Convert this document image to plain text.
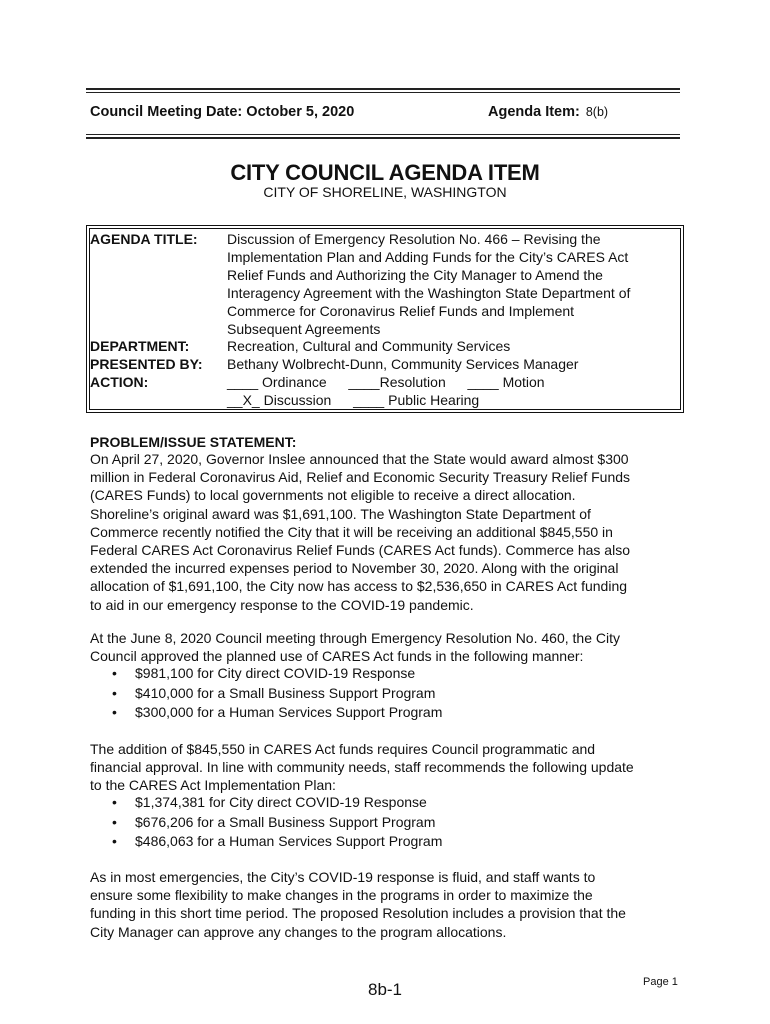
Council Meeting Date: October 5, 2020	Agenda Item: 8(b)
CITY COUNCIL AGENDA ITEM
CITY OF SHORELINE, WASHINGTON
AGENDA TITLE: Discussion of Emergency Resolution No. 466 – Revising the
Implementation Plan and Adding Funds for the City’s CARES Act
Relief Funds and Authorizing the City Manager to Amend the
Interagency Agreement with the Washington State Department of
Commerce for Coronavirus Relief Funds and Implement
Subsequent Agreements
DEPARTMENT:	Recreation, Cultural and Community Services
PRESENTED BY: Bethany Wolbrecht-Dunn, Community Services Manager
ACTION:	____ Ordinance ____Resolution ____ Motion
__X_ Discussion ____ Public Hearing
PROBLEM/ISSUE STATEMENT:

On April 27, 2020, Governor Inslee announced that the State would award almost $300

million in Federal Coronavirus Aid, Relief and Economic Security Treasury Relief Funds

(CARES Funds) to local governments not eligible to receive a direct allocation.

Shoreline’s original award was $1,691,100. The Washington State Department of

Commerce recently notified the City that it will be receiving an additional $845,550 in

Federal CARES Act Coronavirus Relief Funds (CARES Act funds). Commerce has also

extended the incurred expenses period to November 30, 2020. Along with the original

allocation of $1,691,100, the City now has access to $2,536,650 in CARES Act funding

to aid in our emergency response to the COVID-19 pandemic.

At the June 8, 2020 Council meeting through Emergency Resolution No. 460, the City

Council approved the planned use of CARES Act funds in the following manner:

• $981,100 for City direct COVID-19 Response
• $410,000 for a Small Business Support Program
• $300,000 for a Human Services Support Program

The addition of $845,550 in CARES Act funds requires Council programmatic and

financial approval. In line with community needs, staff recommends the following update

to the CARES Act Implementation Plan:

• $1,374,381 for City direct COVID-19 Response
• $676,206 for a Small Business Support Program
• $486,063 for a Human Services Support Program

As in most emergencies, the City’s COVID-19 response is fluid, and staff wants to

ensure some flexibility to make changes in the programs in order to maximize the

funding in this short time period. The proposed Resolution includes a provision that the

City Manager can approve any changes to the program allocations.

8b-1	Page 1
